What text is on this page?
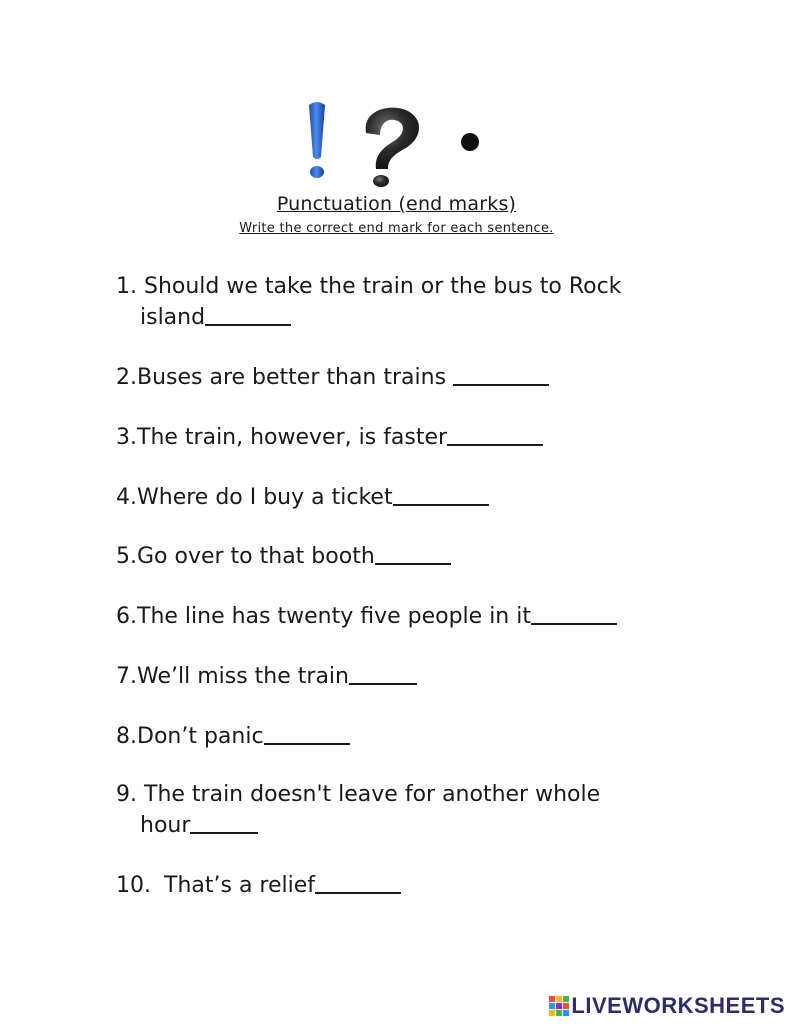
Punctuation (end marks)
Write the correct end mark for each sentence.
1. Should we take the train or the bus to Rock
island
2.Buses are better than trains
3.The train, however, is faster
4.Where do I buy a ticket
5.Go over to that booth
6.The line has twenty five people in it
7.We’ll miss the train
8.Don’t panic
9. The train doesn't leave for another whole
hour
10. That’s a relief
LIVEWORKSHEETS
